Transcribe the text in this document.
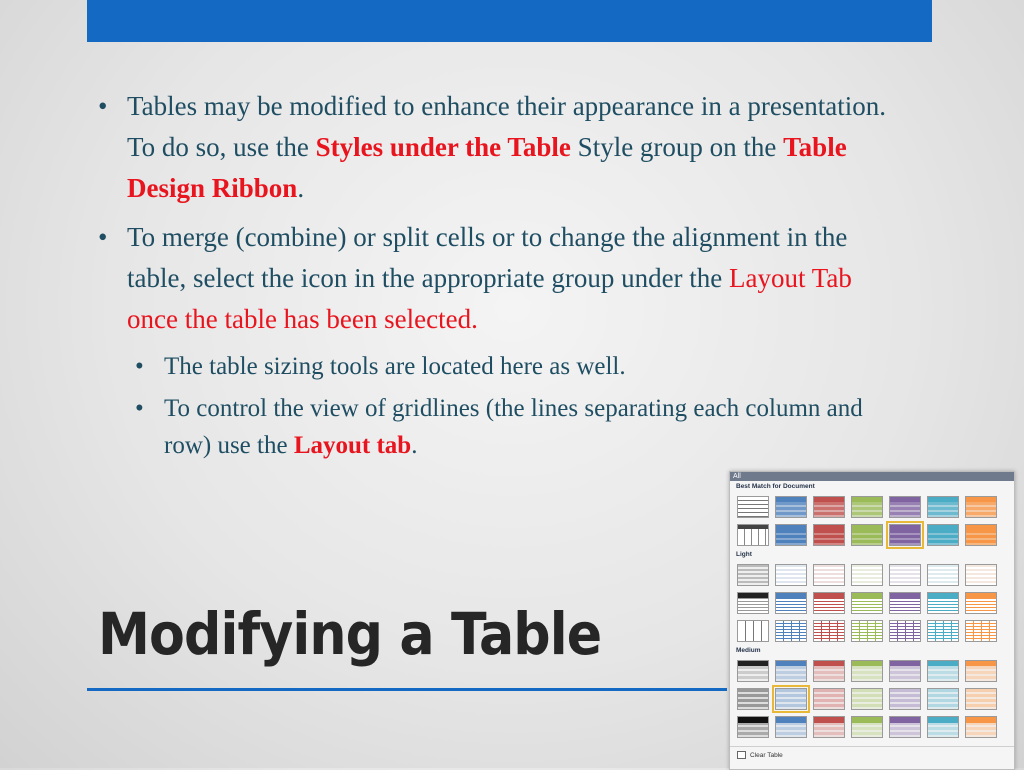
• Tables may be modified to enhance their appearance in a presentation. To do so, use the Styles under the Table Style group on the Table Design Ribbon.
• To merge (combine) or split cells or to change the alignment in the table, select the icon in the appropriate group under the Layout Tab once the table has been selected.
• The table sizing tools are located here as well.
• To control the view of gridlines (the lines separating each column and row) use the Layout tab.
Modifying a Table
All
Best Match for Document
Light
Medium
Clear Table
